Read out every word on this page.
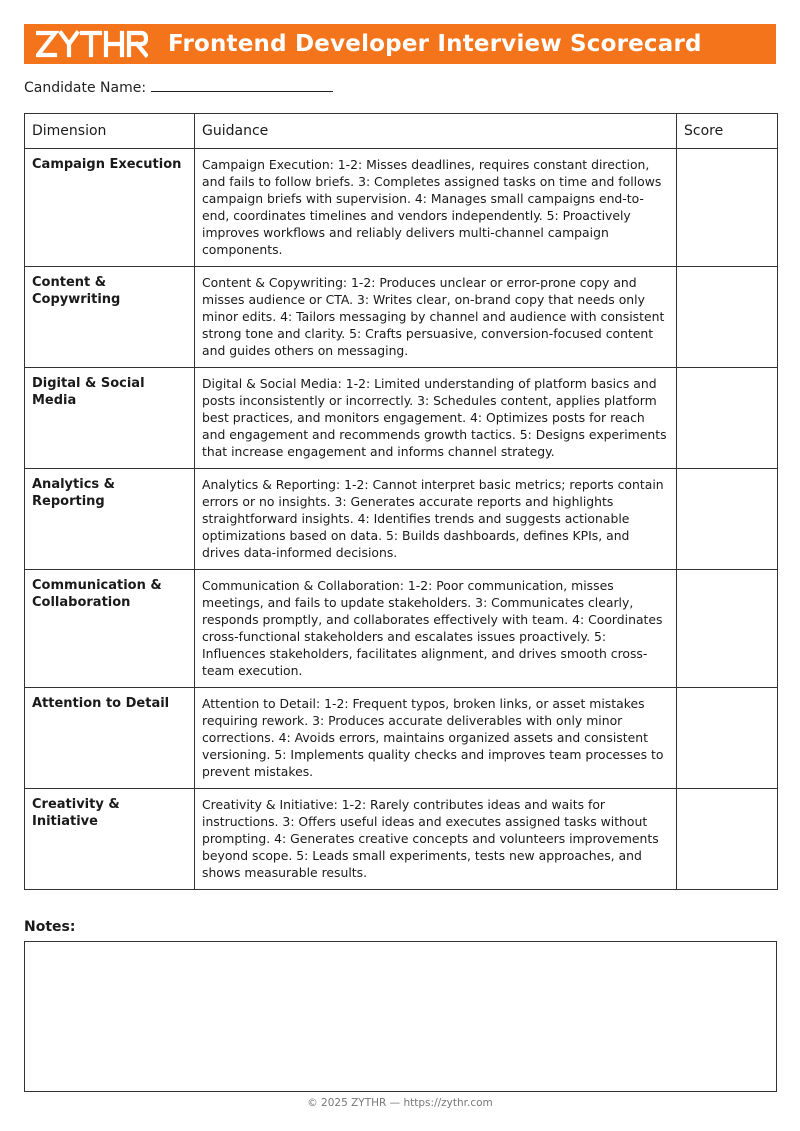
Frontend Developer Interview Scorecard
Candidate Name:
Dimension	Guidance	Score
Campaign Execution	Campaign Execution: 1-2: Misses deadlines, requires constant direction, and fails to follow briefs. 3: Completes assigned tasks on time and follows campaign briefs with supervision. 4: Manages small campaigns end-to-end, coordinates timelines and vendors independently. 5: Proactively improves workflows and reliably delivers multi-channel campaign components.	
Content & Copywriting	Content & Copywriting: 1-2: Produces unclear or error-prone copy and misses audience or CTA. 3: Writes clear, on-brand copy that needs only minor edits. 4: Tailors messaging by channel and audience with consistent strong tone and clarity. 5: Crafts persuasive, conversion-focused content and guides others on messaging.	
Digital & Social Media	Digital & Social Media: 1-2: Limited understanding of platform basics and posts inconsistently or incorrectly. 3: Schedules content, applies platform best practices, and monitors engagement. 4: Optimizes posts for reach and engagement and recommends growth tactics. 5: Designs experiments that increase engagement and informs channel strategy.	
Analytics & Reporting	Analytics & Reporting: 1-2: Cannot interpret basic metrics; reports contain errors or no insights. 3: Generates accurate reports and highlights straightforward insights. 4: Identifies trends and suggests actionable optimizations based on data. 5: Builds dashboards, defines KPIs, and drives data-informed decisions.	
Communication & Collaboration	Communication & Collaboration: 1-2: Poor communication, misses meetings, and fails to update stakeholders. 3: Communicates clearly, responds promptly, and collaborates effectively with team. 4: Coordinates cross-functional stakeholders and escalates issues proactively. 5: Influences stakeholders, facilitates alignment, and drives smooth cross-team execution.	
Attention to Detail	Attention to Detail: 1-2: Frequent typos, broken links, or asset mistakes requiring rework. 3: Produces accurate deliverables with only minor corrections. 4: Avoids errors, maintains organized assets and consistent versioning. 5: Implements quality checks and improves team processes to prevent mistakes.	
Creativity & Initiative	Creativity & Initiative: 1-2: Rarely contributes ideas and waits for instructions. 3: Offers useful ideas and executes assigned tasks without prompting. 4: Generates creative concepts and volunteers improvements beyond scope. 5: Leads small experiments, tests new approaches, and shows measurable results.	
Notes:
© 2025 ZYTHR — https://zythr.com
